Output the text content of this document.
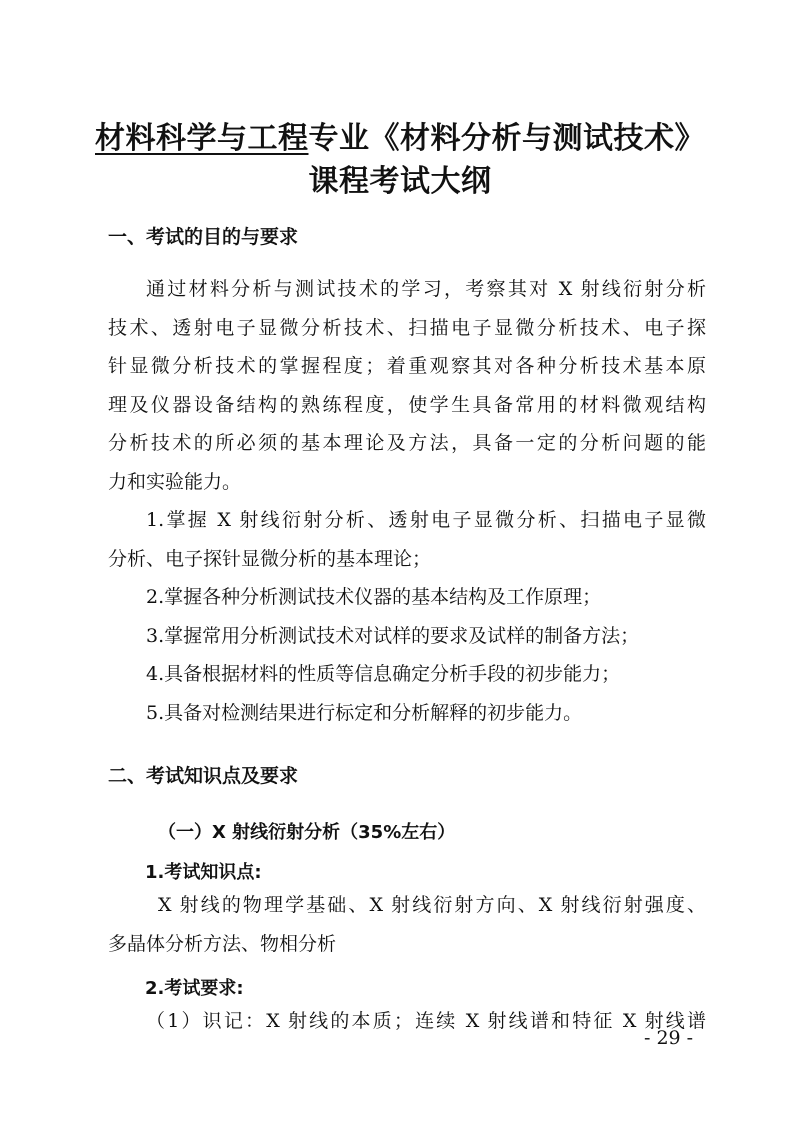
材料科学与工程专业《材料分析与测试技术》
课程考试大纲
一、考试的目的与要求
通过材料分析与测试技术的学习，考察其对 X 射线衍射分析
技术、透射电子显微分析技术、扫描电子显微分析技术、电子探
针显微分析技术的掌握程度；着重观察其对各种分析技术基本原
理及仪器设备结构的熟练程度，使学生具备常用的材料微观结构
分析技术的所必须的基本理论及方法，具备一定的分析问题的能
力和实验能力。
1.掌握 X 射线衍射分析、透射电子显微分析、扫描电子显微
分析、电子探针显微分析的基本理论；
2.掌握各种分析测试技术仪器的基本结构及工作原理；
3.掌握常用分析测试技术对试样的要求及试样的制备方法；
4.具备根据材料的性质等信息确定分析手段的初步能力；
5.具备对检测结果进行标定和分析解释的初步能力。
二、考试知识点及要求
（一）X 射线衍射分析（35%左右）
1.考试知识点:
X 射线的物理学基础、X 射线衍射方向、X 射线衍射强度、
多晶体分析方法、物相分析
2.考试要求:
（1）识记：X 射线的本质；连续 X 射线谱和特征 X 射线谱
- 29 -
